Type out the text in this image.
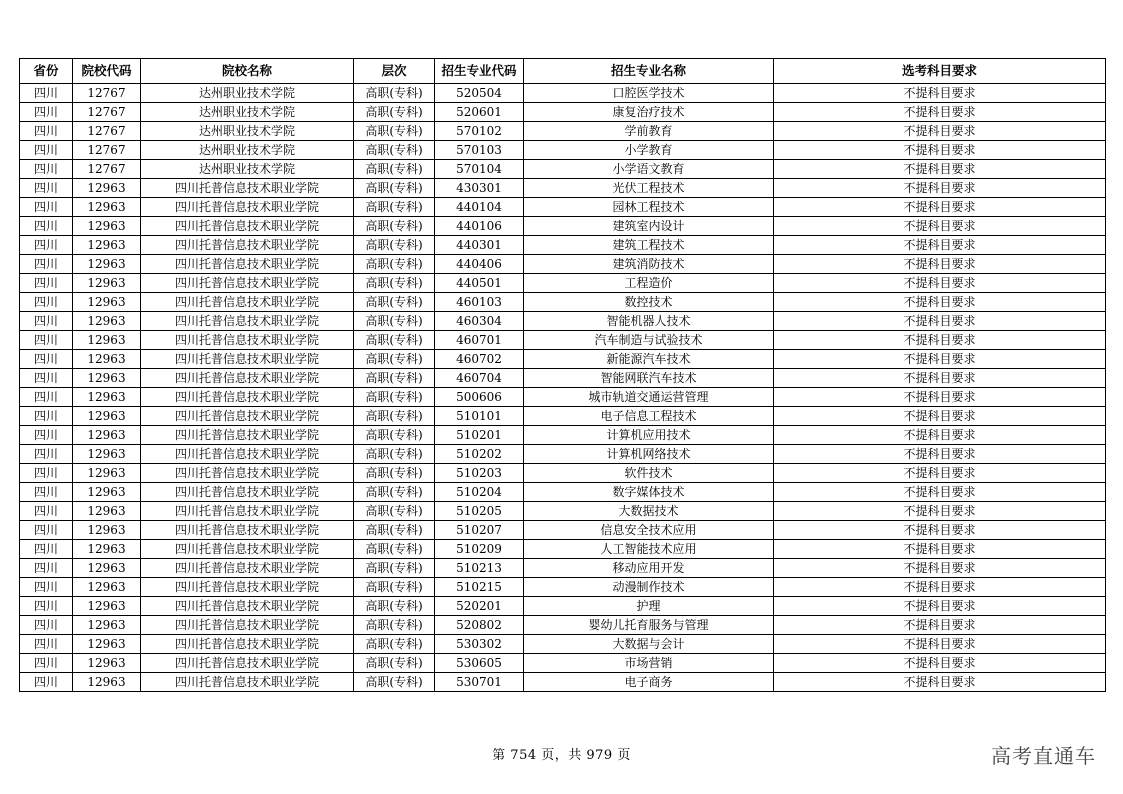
省份	院校代码	院校名称	层次	招生专业代码	招生专业名称	选考科目要求
四川	12767	达州职业技术学院	高职(专科)	520504	口腔医学技术	不提科目要求
四川	12767	达州职业技术学院	高职(专科)	520601	康复治疗技术	不提科目要求
四川	12767	达州职业技术学院	高职(专科)	570102	学前教育	不提科目要求
四川	12767	达州职业技术学院	高职(专科)	570103	小学教育	不提科目要求
四川	12767	达州职业技术学院	高职(专科)	570104	小学语文教育	不提科目要求
四川	12963	四川托普信息技术职业学院	高职(专科)	430301	光伏工程技术	不提科目要求
四川	12963	四川托普信息技术职业学院	高职(专科)	440104	园林工程技术	不提科目要求
四川	12963	四川托普信息技术职业学院	高职(专科)	440106	建筑室内设计	不提科目要求
四川	12963	四川托普信息技术职业学院	高职(专科)	440301	建筑工程技术	不提科目要求
四川	12963	四川托普信息技术职业学院	高职(专科)	440406	建筑消防技术	不提科目要求
四川	12963	四川托普信息技术职业学院	高职(专科)	440501	工程造价	不提科目要求
四川	12963	四川托普信息技术职业学院	高职(专科)	460103	数控技术	不提科目要求
四川	12963	四川托普信息技术职业学院	高职(专科)	460304	智能机器人技术	不提科目要求
四川	12963	四川托普信息技术职业学院	高职(专科)	460701	汽车制造与试验技术	不提科目要求
四川	12963	四川托普信息技术职业学院	高职(专科)	460702	新能源汽车技术	不提科目要求
四川	12963	四川托普信息技术职业学院	高职(专科)	460704	智能网联汽车技术	不提科目要求
四川	12963	四川托普信息技术职业学院	高职(专科)	500606	城市轨道交通运营管理	不提科目要求
四川	12963	四川托普信息技术职业学院	高职(专科)	510101	电子信息工程技术	不提科目要求
四川	12963	四川托普信息技术职业学院	高职(专科)	510201	计算机应用技术	不提科目要求
四川	12963	四川托普信息技术职业学院	高职(专科)	510202	计算机网络技术	不提科目要求
四川	12963	四川托普信息技术职业学院	高职(专科)	510203	软件技术	不提科目要求
四川	12963	四川托普信息技术职业学院	高职(专科)	510204	数字媒体技术	不提科目要求
四川	12963	四川托普信息技术职业学院	高职(专科)	510205	大数据技术	不提科目要求
四川	12963	四川托普信息技术职业学院	高职(专科)	510207	信息安全技术应用	不提科目要求
四川	12963	四川托普信息技术职业学院	高职(专科)	510209	人工智能技术应用	不提科目要求
四川	12963	四川托普信息技术职业学院	高职(专科)	510213	移动应用开发	不提科目要求
四川	12963	四川托普信息技术职业学院	高职(专科)	510215	动漫制作技术	不提科目要求
四川	12963	四川托普信息技术职业学院	高职(专科)	520201	护理	不提科目要求
四川	12963	四川托普信息技术职业学院	高职(专科)	520802	婴幼儿托育服务与管理	不提科目要求
四川	12963	四川托普信息技术职业学院	高职(专科)	530302	大数据与会计	不提科目要求
四川	12963	四川托普信息技术职业学院	高职(专科)	530605	市场营销	不提科目要求
四川	12963	四川托普信息技术职业学院	高职(专科)	530701	电子商务	不提科目要求
第 754 页，共 979 页	高考直通车
